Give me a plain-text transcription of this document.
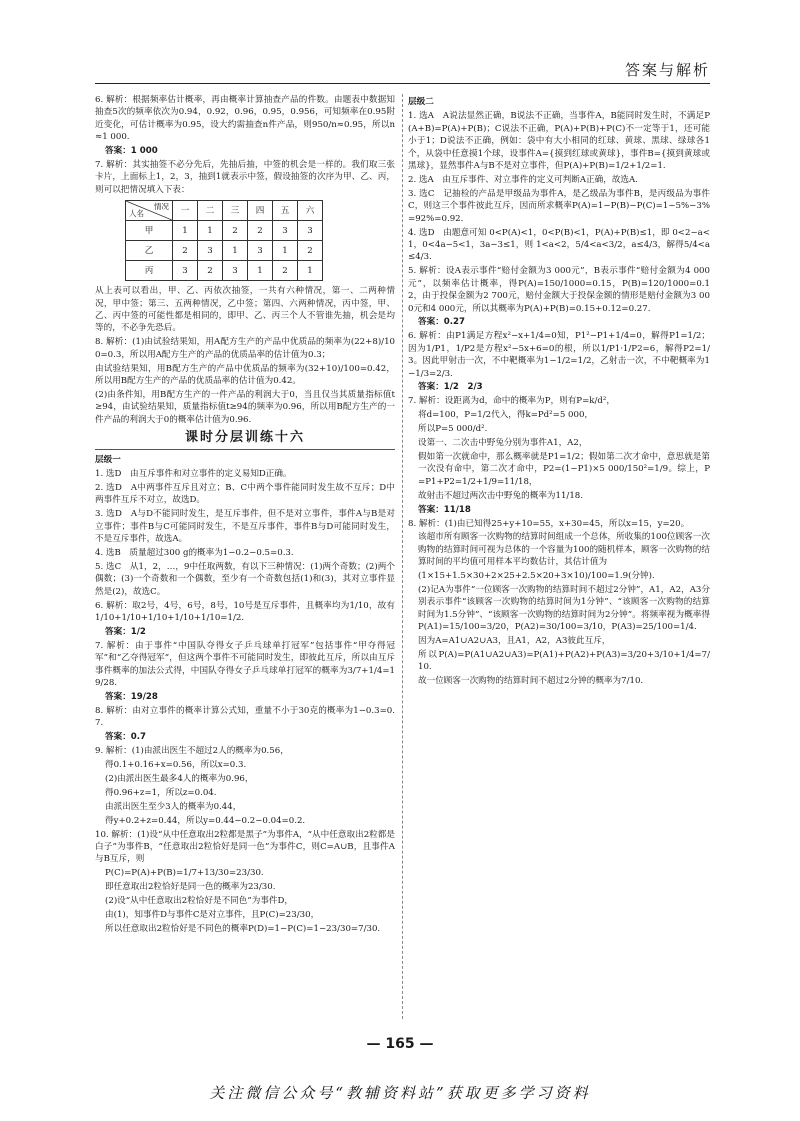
答案与解析

6. 解析：根据频率估计概率，再由概率计算抽查产品的件数。由题表中数据知抽查5次的频率依次为0.94，0.92，0.96，0.95，0.956，可知频率在0.95附近变化，可估计概率为0.95，设大约需抽查n件产品，则950/n≈0.95，所以n≈1 000.

答案：1 000

7. 解析：其实抽签不必分先后，先抽后抽，中签的机会是一样的。我们取三张卡片，上面标上1，2，3，抽到1就表示中签，假设抽签的次序为甲、乙、丙，则可以把情况填入下表：

情况
人名	一	二	三	四	五	六
甲	1	1	2	2	3	3
乙	2	3	1	3	1	2
丙	3	2	3	1	2	1

从上表可以看出，甲、乙、丙依次抽签，一共有六种情况，第一、二两种情况，甲中签；第三、五两种情况，乙中签；第四、六两种情况，丙中签，甲、乙、丙中签的可能性都是相同的，即甲、乙、丙三个人不管谁先抽，机会是均等的，不必争先恐后。

8. 解析：(1)由试验结果知，用A配方生产的产品中优质品的频率为(22+8)/100=0.3，所以用A配方生产的产品的优质品率的估计值为0.3；

由试验结果知，用B配方生产的产品中优质品的频率为(32+10)/100=0.42，所以用B配方生产的产品的优质品率的估计值为0.42。

(2)由条件知，用B配方生产的一件产品的利润大于0，当且仅当其质量指标值t≥94，由试验结果知，质量指标值t≥94的频率为0.96，所以用B配方生产的一件产品的利润大于0的概率估计值为0.96.

课时分层训练十六
层级一

1. 选D　由互斥事件和对立事件的定义易知D正确。

2. 选D　A中两事件互斥且对立；B、C中两个事件能同时发生故不互斥；D中两事件互斥不对立，故选D。

3. 选D　A与D不能同时发生，是互斥事件，但不是对立事件，事件A与B是对立事件；事件B与C可能同时发生，不是互斥事件，事件B与D可能同时发生，不是互斥事件，故选A。

4. 选B　质量超过300 g的概率为1−0.2−0.5=0.3.

5. 选C　从1，2，…，9中任取两数，有以下三种情况：(1)两个奇数；(2)两个偶数；(3)一个奇数和一个偶数，至少有一个奇数包括(1)和(3)，其对立事件显然是(2)，故选C。

6. 解析：取2号，4号，6号，8号，10号是互斥事件，且概率均为1/10，故有1/10+1/10+1/10+1/10+1/10=1/2.

答案：1/2

7. 解析：由于事件“中国队夺得女子乒乓球单打冠军”包括事件“甲夺得冠军”和“乙夺得冠军”，但这两个事件不可能同时发生，即彼此互斥，所以由互斥事件概率的加法公式得，中国队夺得女子乒乓球单打冠军的概率为3/7+1/4=19/28.

答案：19/28

8. 解析：由对立事件的概率计算公式知，重量不小于30克的概率为1−0.3=0.7.

答案：0.7

9. 解析：(1)由派出医生不超过2人的概率为0.56，

得0.1+0.16+x=0.56，所以x=0.3.

(2)由派出医生最多4人的概率为0.96，

得0.96+z=1，所以z=0.04.

由派出医生至少3人的概率为0.44，

得y+0.2+z=0.44，所以y=0.44−0.2−0.04=0.2.

10. 解析：(1)设“从中任意取出2粒都是黑子”为事件A，“从中任意取出2粒都是白子”为事件B，“任意取出2粒恰好是同一色”为事件C，则C=A∪B，且事件A与B互斥，则

P(C)=P(A)+P(B)=1/7+13/30=23/30.

即任意取出2粒恰好是同一色的概率为23/30.

(2)设“从中任意取出2粒恰好是不同色”为事件D，

由(1)，知事件D与事件C是对立事件，且P(C)=23/30，

所以任意取出2粒恰好是不同色的概率P(D)=1−P(C)=1−23/30=7/30.

层级二

1. 选A　A说法显然正确，B说法不正确，当事件A，B能同时发生时，不满足P(A+B)=P(A)+P(B)；C说法不正确，P(A)+P(B)+P(C)不一定等于1，还可能小于1；D说法不正确，例如：袋中有大小相同的红球、黄球、黑球、绿球各1个，从袋中任意摸1个球，设事件A={摸到红球或黄球}，事件B={摸到黄球或黑球}，显然事件A与B不是对立事件，但P(A)+P(B)=1/2+1/2=1.

2. 选A　由互斥事件、对立事件的定义可判断A正确，故选A.

3. 选C　记抽检的产品是甲级品为事件A，是乙级品为事件B，是丙级品为事件C，则这三个事件彼此互斥，因而所求概率P(A)=1−P(B)−P(C)=1−5%−3%=92%=0.92.

4. 选D　由题意可知 0<P(A)<1，0<P(B)<1，P(A)+P(B)≤1，即 0<2−a<1，0<4a−5<1，3a−3≤1，则 1<a<2，5/4<a<3/2，a≤4/3，解得5/4<a≤4/3.

5. 解析：设A表示事件“赔付金额为3 000元”，B表示事件“赔付金额为4 000元”，以频率估计概率，得P(A)=150/1000=0.15，P(B)=120/1000=0.12，由于投保金额为2 700元，赔付金额大于投保金额的情形是赔付金额为3 000元和4 000元，所以其概率为P(A)+P(B)=0.15+0.12=0.27.

答案：0.27

6. 解析：由P1满足方程x²−x+1/4=0知，P1²−P1+1/4=0，解得P1=1/2；因为1/P1，1/P2是方程x²−5x+6=0的根，所以1/P1·1/P2=6，解得P2=1/3。因此甲射击一次，不中靶概率为1−1/2=1/2，乙射击一次，不中靶概率为1−1/3=2/3.

答案：1/2　2/3

7. 解析：设距离为d，命中的概率为P，则有P=k/d²，

将d=100，P=1/2代入，得k=Pd²=5 000，

所以P=5 000/d².

设第一、二次击中野兔分别为事件A1，A2，

假如第一次就命中，那么概率就是P1=1/2；假如第二次才命中，意思就是第一次没有命中，第二次才命中，P2=(1−P1)×5 000/150²=1/9。综上，P=P1+P2=1/2+1/9=11/18，

故射击不超过两次击中野兔的概率为11/18.

答案：11/18

8. 解析：(1)由已知得25+y+10=55，x+30=45，所以x=15，y=20。

该超市所有顾客一次购物的结算时间组成一个总体，所收集的100位顾客一次购物的结算时间可视为总体的一个容量为100的随机样本，顾客一次购物的结算时间的平均值可用样本平均数估计，其估计值为

(1×15+1.5×30+2×25+2.5×20+3×10)/100=1.9(分钟).

(2)记A为事件“一位顾客一次购物的结算时间不超过2分钟”，A1，A2，A3分别表示事件“该顾客一次购物的结算时间为1分钟”、“该顾客一次购物的结算时间为1.5分钟”、“该顾客一次购物的结算时间为2分钟”。将频率视为概率得P(A1)=15/100=3/20，P(A2)=30/100=3/10，P(A3)=25/100=1/4.

因为A=A1∪A2∪A3，且A1，A2，A3彼此互斥，

所以P(A)=P(A1∪A2∪A3)=P(A1)+P(A2)+P(A3)=3/20+3/10+1/4=7/10.

故一位顾客一次购物的结算时间不超过2分钟的概率为7/10.

— 165 —
关注微信公众号“教辅资料站”获取更多学习资料
